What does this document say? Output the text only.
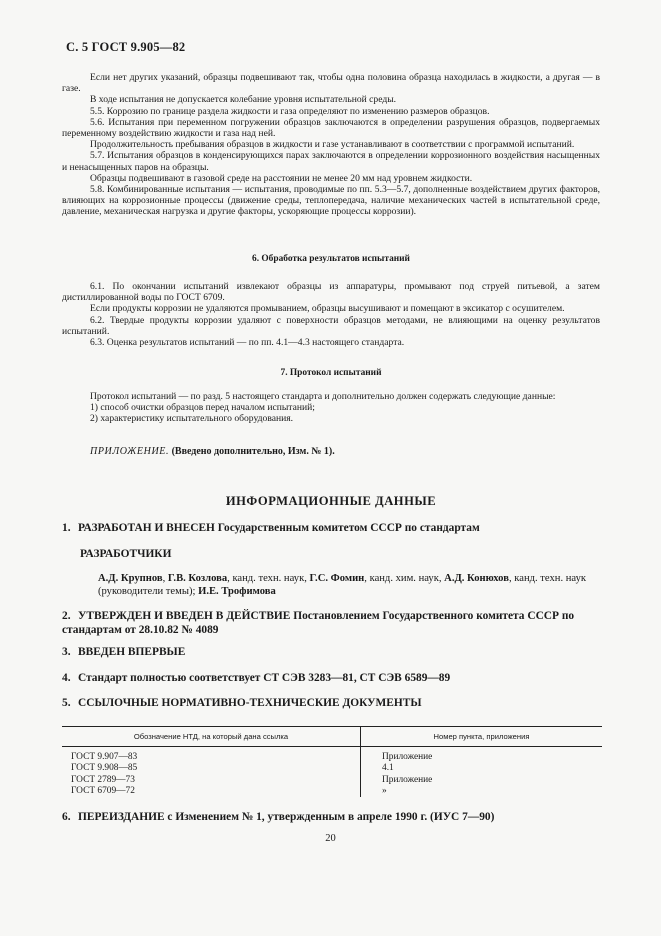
С. 5 ГОСТ 9.905—82

Если нет других указаний, образцы подвешивают так, чтобы одна половина образца находилась в жидкости, а другая — в газе.

В ходе испытания не допускается колебание уровня испытательной среды.

5.5. Коррозию по границе раздела жидкости и газа определяют по изменению размеров образцов.

5.6. Испытания при переменном погружении образцов заключаются в определении разрушения образцов, подвергаемых переменному воздействию жидкости и газа над ней.

Продолжительность пребывания образцов в жидкости и газе устанавливают в соответствии с программой испытаний.

5.7. Испытания образцов в конденсирующихся парах заключаются в определении коррозионного воздействия насыщенных и ненасыщенных паров на образцы.

Образцы подвешивают в газовой среде на расстоянии не менее 20 мм над уровнем жидкости.

5.8. Комбинированные испытания — испытания, проводимые по пп. 5.3—5.7, дополненные воздействием других факторов, влияющих на коррозионные процессы (движение среды, теплопередача, наличие механических частей в испытательной среде, давление, механическая нагрузка и другие факторы, ускоряющие процессы коррозии).

6. Обработка результатов испытаний

6.1. По окончании испытаний извлекают образцы из аппаратуры, промывают под струей питьевой, а затем дистиллированной воды по ГОСТ 6709.

Если продукты коррозии не удаляются промыванием, образцы высушивают и помещают в эксикатор с осушителем.

6.2. Твердые продукты коррозии удаляют с поверхности образцов методами, не влияющими на оценку результатов испытаний.

6.3. Оценка результатов испытаний — по пп. 4.1—4.3 настоящего стандарта.

7. Протокол испытаний

Протокол испытаний — по разд. 5 настоящего стандарта и дополнительно должен содержать следующие данные:

1) способ очистки образцов перед началом испытаний;

2) характеристику испытательного оборудования.

ПРИЛОЖЕНИЕ. (Введено дополнительно, Изм. № 1).
ИНФОРМАЦИОННЫЕ ДАННЫЕ
1. РАЗРАБОТАН И ВНЕСЕН Государственным комитетом СССР по стандартам
РАЗРАБОТЧИКИ
А.Д. Крупнов, Г.В. Козлова, канд. техн. наук, Г.С. Фомин, канд. хим. наук, А.Д. Конюхов, канд. техн. наук (руководители темы); И.Е. Трофимова
2. УТВЕРЖДЕН И ВВЕДЕН В ДЕЙСТВИЕ Постановлением Государственного комитета СССР по стандартам от 28.10.82 № 4089
3. ВВЕДЕН ВПЕРВЫЕ
4. Стандарт полностью соответствует СТ СЭВ 3283—81, СТ СЭВ 6589—89
5. ССЫЛОЧНЫЕ НОРМАТИВНО-ТЕХНИЧЕСКИЕ ДОКУМЕНТЫ
Обозначение НТД, на который дана ссылка	Номер пункта, приложения
ГОСТ 9.907—83	Приложение
ГОСТ 9.908—85	4.1
ГОСТ 2789—73	Приложение
ГОСТ 6709—72	»
6. ПЕРЕИЗДАНИЕ с Изменением № 1, утвержденным в апреле 1990 г. (ИУС 7—90)
20
